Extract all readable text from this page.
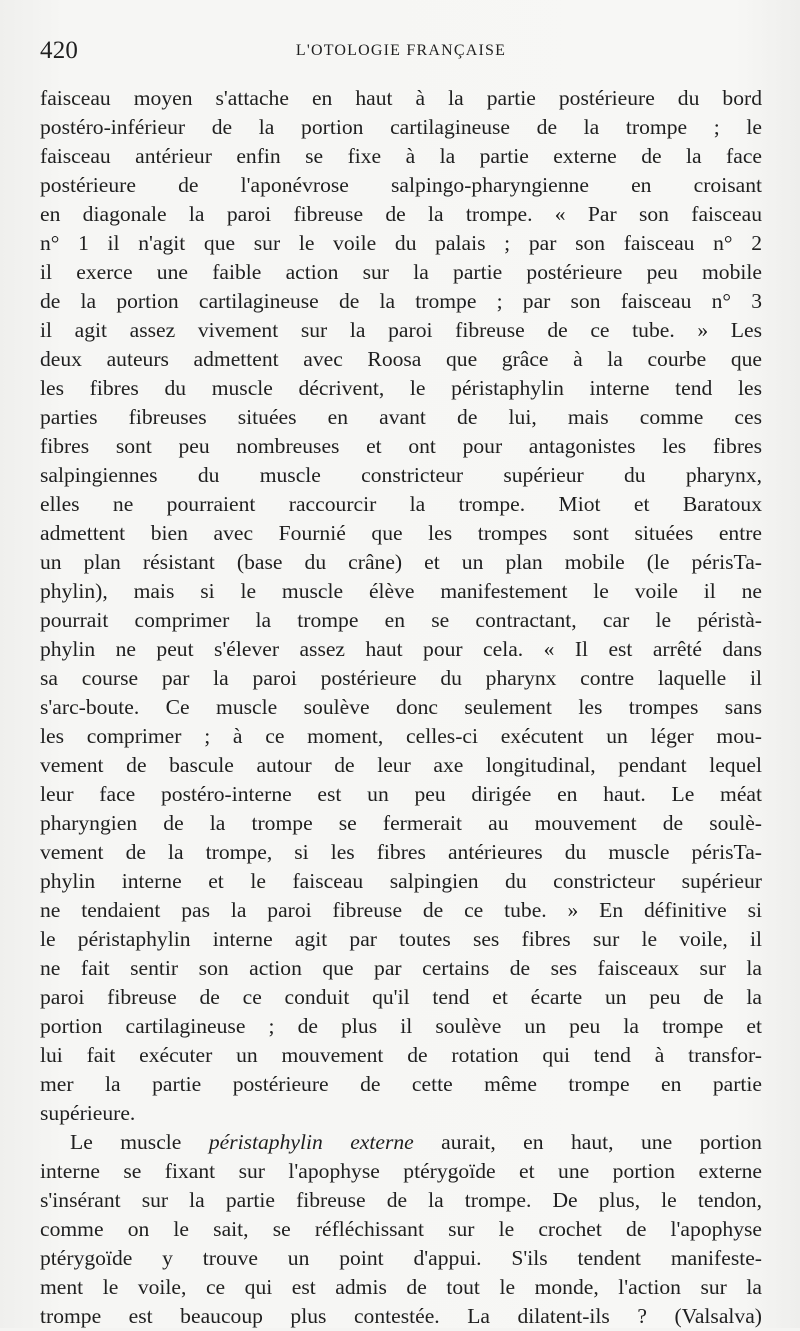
420	L'OTOLOGIE FRANÇAISE
faisceau moyen s'attache en haut à la partie postérieure du bord
postéro-inférieur de la portion cartilagineuse de la trompe ; le
faisceau antérieur enfin se fixe à la partie externe de la face
postérieure de l'aponévrose salpingo-pharyngienne en croisant
en diagonale la paroi fibreuse de la trompe. « Par son faisceau
n° 1 il n'agit que sur le voile du palais ; par son faisceau n° 2
il exerce une faible action sur la partie postérieure peu mobile
de la portion cartilagineuse de la trompe ; par son faisceau n° 3
il agit assez vivement sur la paroi fibreuse de ce tube. » Les
deux auteurs admettent avec Roosa que grâce à la courbe que
les fibres du muscle décrivent, le péristaphylin interne tend les
parties fibreuses situées en avant de lui, mais comme ces
fibres sont peu nombreuses et ont pour antagonistes les fibres
salpingiennes du muscle constricteur supérieur du pharynx,
elles ne pourraient raccourcir la trompe. Miot et Baratoux
admettent bien avec Fournié que les trompes sont situées entre
un plan résistant (base du crâne) et un plan mobile (le périsTa-
phylin), mais si le muscle élève manifestement le voile il ne
pourrait comprimer la trompe en se contractant, car le péristà-
phylin ne peut s'élever assez haut pour cela. « Il est arrêté dans
sa course par la paroi postérieure du pharynx contre laquelle il
s'arc-boute. Ce muscle soulève donc seulement les trompes sans
les comprimer ; à ce moment, celles-ci exécutent un léger mou-
vement de bascule autour de leur axe longitudinal, pendant lequel
leur face postéro-interne est un peu dirigée en haut. Le méat
pharyngien de la trompe se fermerait au mouvement de soulè-
vement de la trompe, si les fibres antérieures du muscle périsTa-
phylin interne et le faisceau salpingien du constricteur supérieur
ne tendaient pas la paroi fibreuse de ce tube. » En définitive si
le péristaphylin interne agit par toutes ses fibres sur le voile, il
ne fait sentir son action que par certains de ses faisceaux sur la
paroi fibreuse de ce conduit qu'il tend et écarte un peu de la
portion cartilagineuse ; de plus il soulève un peu la trompe et
lui fait exécuter un mouvement de rotation qui tend à transfor-
mer la partie postérieure de cette même trompe en partie
supérieure.
Le muscle péristaphylin externe aurait, en haut, une portion
interne se fixant sur l'apophyse ptérygoïde et une portion externe
s'insérant sur la partie fibreuse de la trompe. De plus, le tendon,
comme on le sait, se réfléchissant sur le crochet de l'apophyse
ptérygoïde y trouve un point d'appui. S'ils tendent manifeste-
ment le voile, ce qui est admis de tout le monde, l'action sur la
trompe est beaucoup plus contestée. La dilatent-ils ? (Valsalva)
